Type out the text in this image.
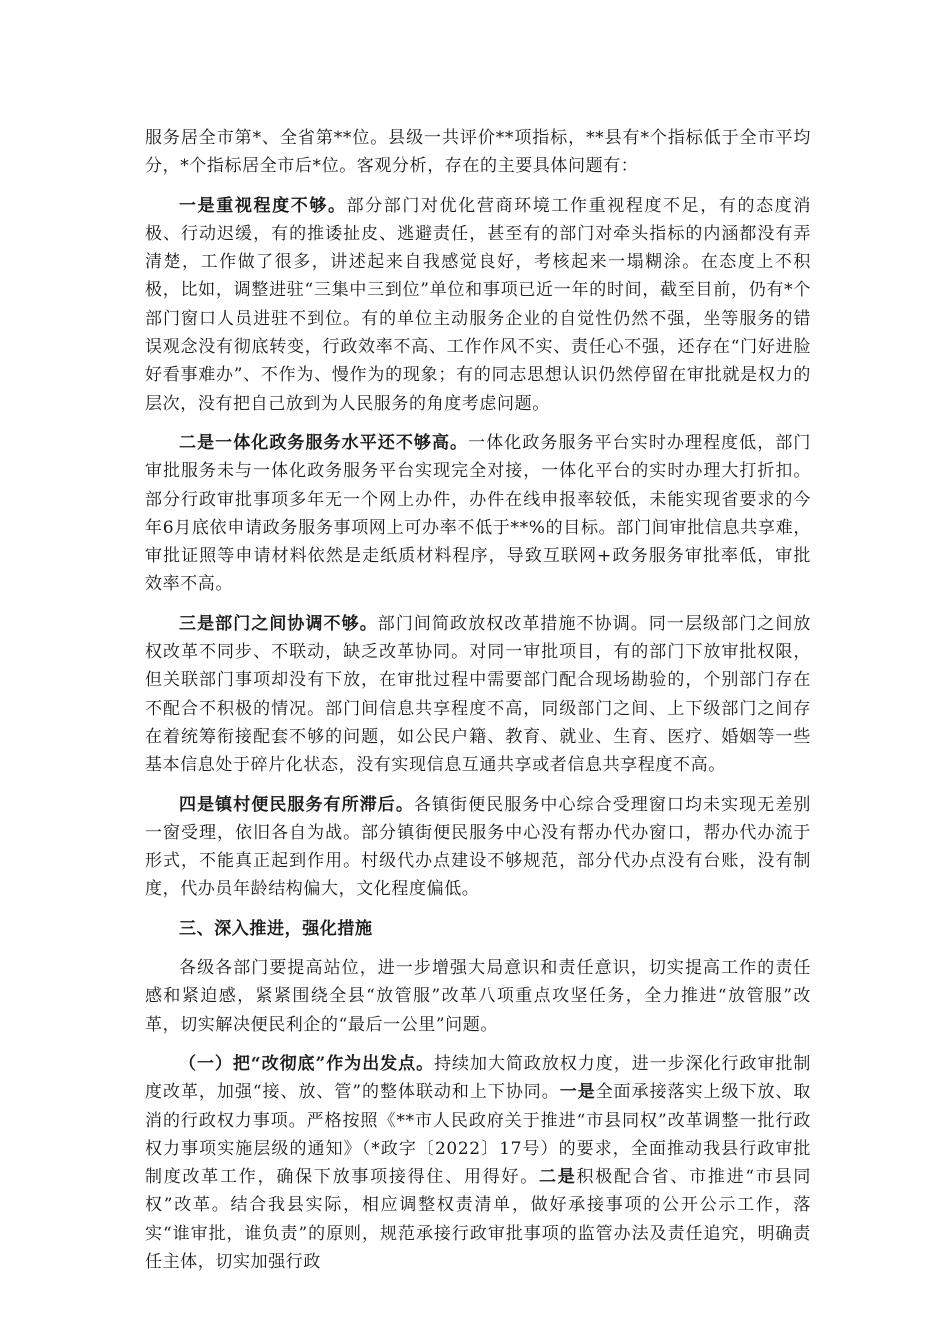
服务居全市第*、全省第**位。县级一共评价**项指标，**县有*个指标低于全市平均分，*个指标居全市后*位。客观分析，存在的主要具体问题有：

一是重视程度不够。部分部门对优化营商环境工作重视程度不足，有的态度消极、行动迟缓，有的推诿扯皮、逃避责任，甚至有的部门对牵头指标的内涵都没有弄清楚，工作做了很多，讲述起来自我感觉良好，考核起来一塌糊涂。在态度上不积极，比如，调整进驻“三集中三到位”单位和事项已近一年的时间，截至目前，仍有*个部门窗口人员进驻不到位。有的单位主动服务企业的自觉性仍然不强，坐等服务的错误观念没有彻底转变，行政效率不高、工作作风不实、责任心不强，还存在“门好进脸好看事难办”、不作为、慢作为的现象；有的同志思想认识仍然停留在审批就是权力的层次，没有把自己放到为人民服务的角度考虑问题。

二是一体化政务服务水平还不够高。一体化政务服务平台实时办理程度低，部门审批服务未与一体化政务服务平台实现完全对接，一体化平台的实时办理大打折扣。部分行政审批事项多年无一个网上办件，办件在线申报率较低，未能实现省要求的今年6月底依申请政务服务事项网上可办率不低于**%的目标。部门间审批信息共享难，审批证照等申请材料依然是走纸质材料程序，导致互联网+政务服务审批率低，审批效率不高。

三是部门之间协调不够。部门间简政放权改革措施不协调。同一层级部门之间放权改革不同步、不联动，缺乏改革协同。对同一审批项目，有的部门下放审批权限，但关联部门事项却没有下放，在审批过程中需要部门配合现场勘验的，个别部门存在不配合不积极的情况。部门间信息共享程度不高，同级部门之间、上下级部门之间存在着统筹衔接配套不够的问题，如公民户籍、教育、就业、生育、医疗、婚姻等一些基本信息处于碎片化状态，没有实现信息互通共享或者信息共享程度不高。

四是镇村便民服务有所滞后。各镇街便民服务中心综合受理窗口均未实现无差别一窗受理，依旧各自为战。部分镇街便民服务中心没有帮办代办窗口，帮办代办流于形式，不能真正起到作用。村级代办点建设不够规范，部分代办点没有台账，没有制度，代办员年龄结构偏大，文化程度偏低。

三、深入推进，强化措施

各级各部门要提高站位，进一步增强大局意识和责任意识，切实提高工作的责任感和紧迫感，紧紧围绕全县“放管服”改革八项重点攻坚任务，全力推进“放管服”改革，切实解决便民利企的“最后一公里”问题。

（一）把“改彻底”作为出发点。持续加大简政放权力度，进一步深化行政审批制度改革，加强“接、放、管”的整体联动和上下协同。一是全面承接落实上级下放、取消的行政权力事项。严格按照《**市人民政府关于推进“市县同权”改革调整一批行政权力事项实施层级的通知》（*政字〔2022〕17号）的要求，全面推动我县行政审批制度改革工作，确保下放事项接得住、用得好。二是积极配合省、市推进“市县同权”改革。结合我县实际，相应调整权责清单，做好承接事项的公开公示工作，落实“谁审批，谁负责”的原则，规范承接行政审批事项的监管办法及责任追究，明确责任主体，切实加强行政
